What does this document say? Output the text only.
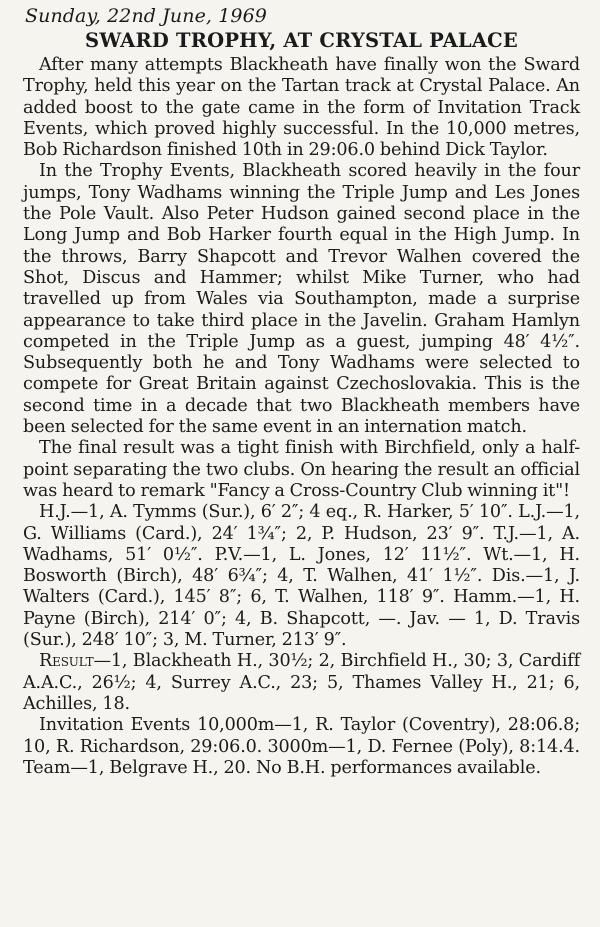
Sunday, 22nd June, 1969
SWARD TROPHY, AT CRYSTAL PALACE

After many attempts Blackheath have finally won the Sward Trophy, held this year on the Tartan track at Crystal Palace. An added boost to the gate came in the form of Invitation Track Events, which proved highly successful. In the 10,000 metres, Bob Richardson finished 10th in 29:06.0 behind Dick Taylor.

In the Trophy Events, Blackheath scored heavily in the four jumps, Tony Wadhams winning the Triple Jump and Les Jones the Pole Vault. Also Peter Hudson gained second place in the Long Jump and Bob Harker fourth equal in the High Jump. In the throws, Barry Shapcott and Trevor Walhen covered the Shot, Discus and Hammer; whilst Mike Turner, who had travelled up from Wales via Southampton, made a surprise appearance to take third place in the Javelin. Graham Hamlyn competed in the Triple Jump as a guest, jumping 48′ 4½″. Subsequently both he and Tony Wadhams were selected to compete for Great Britain against Czechoslovakia. This is the second time in a decade that two Blackheath members have been selected for the same event in an internation match.

The final result was a tight finish with Birchfield, only a half-point separating the two clubs. On hearing the result an official was heard to remark "Fancy a Cross-Country Club winning it"!

H.J.—1, A. Tymms (Sur.), 6′ 2″; 4 eq., R. Harker, 5′ 10″. L.J.—1, G. Williams (Card.), 24′ 1¾″; 2, P. Hudson, 23′ 9″. T.J.—1, A. Wadhams, 51′ 0½″. P.V.—1, L. Jones, 12′ 11½″. Wt.—1, H. Bosworth (Birch), 48′ 6¾″; 4, T. Walhen, 41′ 1½″. Dis.—1, J. Walters (Card.), 145′ 8″; 6, T. Walhen, 118′ 9″. Hamm.—1, H. Payne (Birch), 214′ 0″; 4, B. Shapcott, —. Jav. — 1, D. Travis (Sur.), 248′ 10″; 3, M. Turner, 213′ 9″.

Result—1, Blackheath H., 30½; 2, Birchfield H., 30; 3, Cardiff A.A.C., 26½; 4, Surrey A.C., 23; 5, Thames Valley H., 21; 6, Achilles, 18.

Invitation Events 10,000m—1, R. Taylor (Coventry), 28:06.8; 10, R. Richardson, 29:06.0. 3000m—1, D. Fernee (Poly), 8:14.4. Team—1, Belgrave H., 20. No B.H. performances available.
